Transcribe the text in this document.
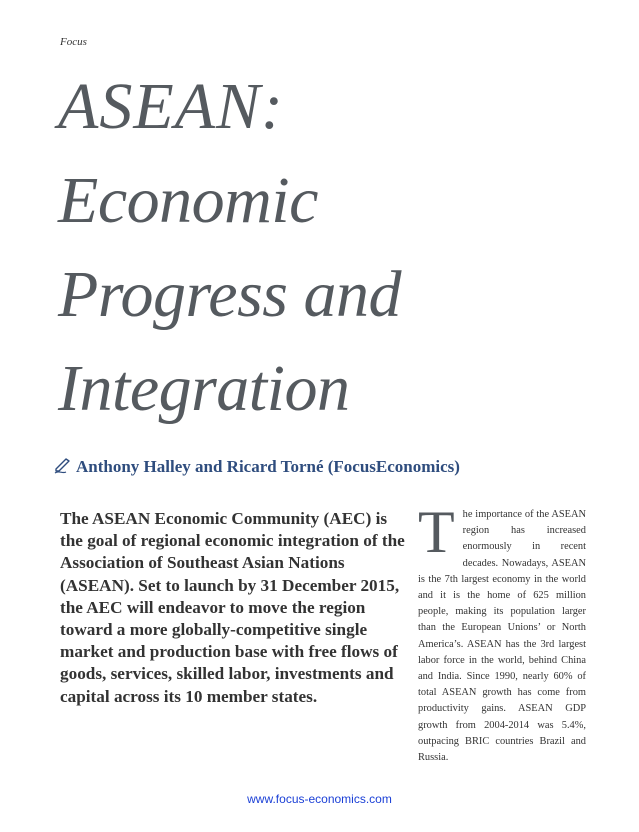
Focus
ASEAN:
Economic
Progress and
Integration
Anthony Halley and Ricard Torné (FocusEconomics)

The ASEAN Economic Community (AEC) is the goal of regional economic integration of the Association of Southeast Asian Nations (ASEAN). Set to launch by 31 December 2015, the AEC will endeavor to move the region toward a more globally-competitive single market and production base with free flows of goods, services, skilled labor, investments and capital across its 10 member states.

The importance of the ASEAN region has increased enormously in recent decades. Nowadays, ASEAN is the 7th largest economy in the world and it is the home of 625 million people, making its population larger than the European Unions’ or North America’s. ASEAN has the 3rd largest labor force in the world, behind China and India. Since 1990, nearly 60% of total ASEAN growth has come from productivity gains. ASEAN GDP growth from 2004-2014 was 5.4%, outpacing BRIC countries Brazil and Russia.

www.focus-economics.com
